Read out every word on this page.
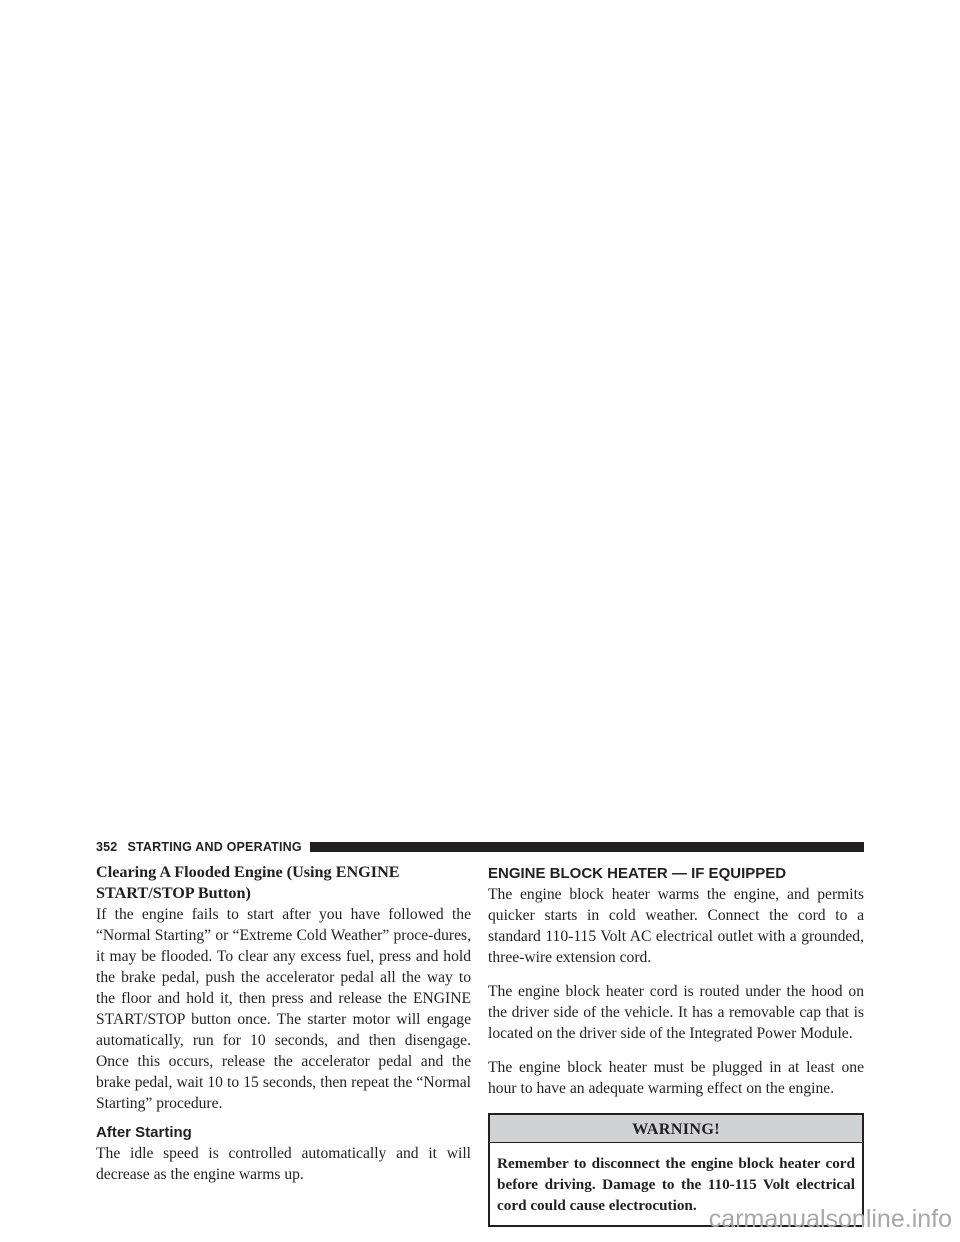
352 STARTING AND OPERATING
Clearing A Flooded Engine (Using ENGINE START/STOP Button)

If the engine fails to start after you have followed the “Normal Starting” or “Extreme Cold Weather” proce-dures, it may be flooded. To clear any excess fuel, press and hold the brake pedal, push the accelerator pedal all the way to the floor and hold it, then press and release the ENGINE START/STOP button once. The starter motor will engage automatically, run for 10 seconds, and then disengage. Once this occurs, release the accelerator pedal and the brake pedal, wait 10 to 15 seconds, then repeat the “Normal Starting” procedure.

After Starting

The idle speed is controlled automatically and it will decrease as the engine warms up.

ENGINE BLOCK HEATER — IF EQUIPPED

The engine block heater warms the engine, and permits quicker starts in cold weather. Connect the cord to a standard 110-115 Volt AC electrical outlet with a grounded, three-wire extension cord.

The engine block heater cord is routed under the hood on the driver side of the vehicle. It has a removable cap that is located on the driver side of the Integrated Power Module.

The engine block heater must be plugged in at least one hour to have an adequate warming effect on the engine.

WARNING!

Remember to disconnect the engine block heater cord before driving. Damage to the 110-115 Volt electrical cord could cause electrocution. carmanualsonline.info
